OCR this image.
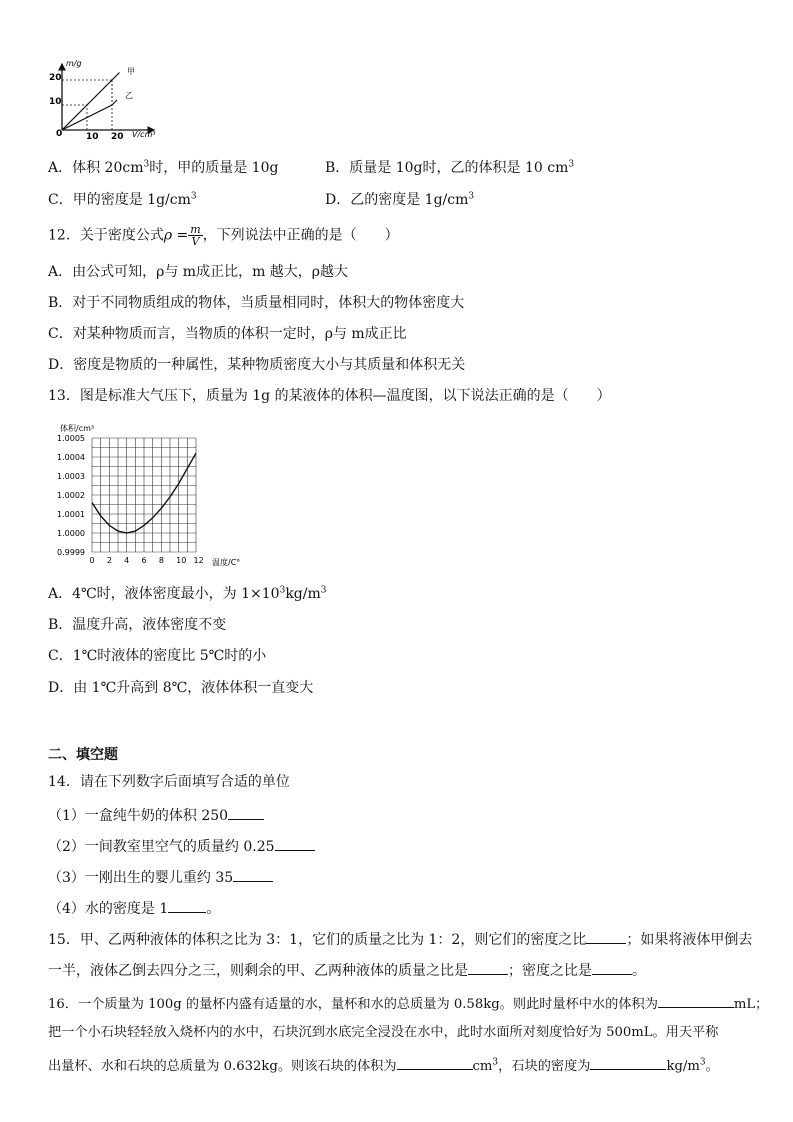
m/g
V/cm³
0	10 20
10
20
甲
乙
A．体积 $20cm^3$时，甲的质量是 10g	B．质量是 10g时，乙的体积是 10 $cm^3$
C．甲的密度是 $1g/cm^3$	D．乙的密度是 $1g/cm^3$
12．关于密度公式$\rho = \frac{m}{V}$ ，下列说法中正确的是（　　）
A．由公式可知，ρ与 m成正比，m 越大，ρ越大
B．对于不同物质组成的物体，当质量相同时，体积大的物体密度大
C．对某种物质而言，当物质的体积一定时，ρ与 m成正比
D．密度是物质的一种属性，某种物质密度大小与其质量和体积无关
13．图是标准大气压下，质量为 1g 的某液体的体积—温度图，以下说法正确的是（　　）
0 2 4 6 8 10 12
0.9999
1.0000
1.0001
1.0002
1.0003
1.0004
1.0005
体积/cm³
温度/C°
A．4℃时，液体密度最小，为 $1\times 10^3kg/m^3$
B．温度升高，液体密度不变
C．1℃时液体的密度比 5℃时的小
D．由 1℃升高到 8℃，液体体积一直变大
二、填空题
14．请在下列数字后面填写合适的单位
（1）一盒纯牛奶的体积 250
（2）一间教室里空气的质量约 0.25
（3）一刚出生的婴儿重约 35
（4）水的密度是 1	。
15．甲、乙两种液体的体积之比为 3：1，它们的质量之比为 1：2，则它们的密度之比	；如果将液体甲倒去
一半，液体乙倒去四分之三，则剩余的甲、乙两种液体的质量之比是	；密度之比是	。
16．一个质量为 100g 的量杯内盛有适量的水，量杯和水的总质量为 0.58kg。则此时量杯中水的体积为	mL；
把一个小石块轻轻放入烧杯内的水中，石块沉到水底完全浸没在水中，此时水面所对刻度恰好为 500mL。用天平称
出量杯、水和石块的总质量为 0.632kg。则该石块的体积为	$cm^3$，石块的密度为	$kg/m^3$。
